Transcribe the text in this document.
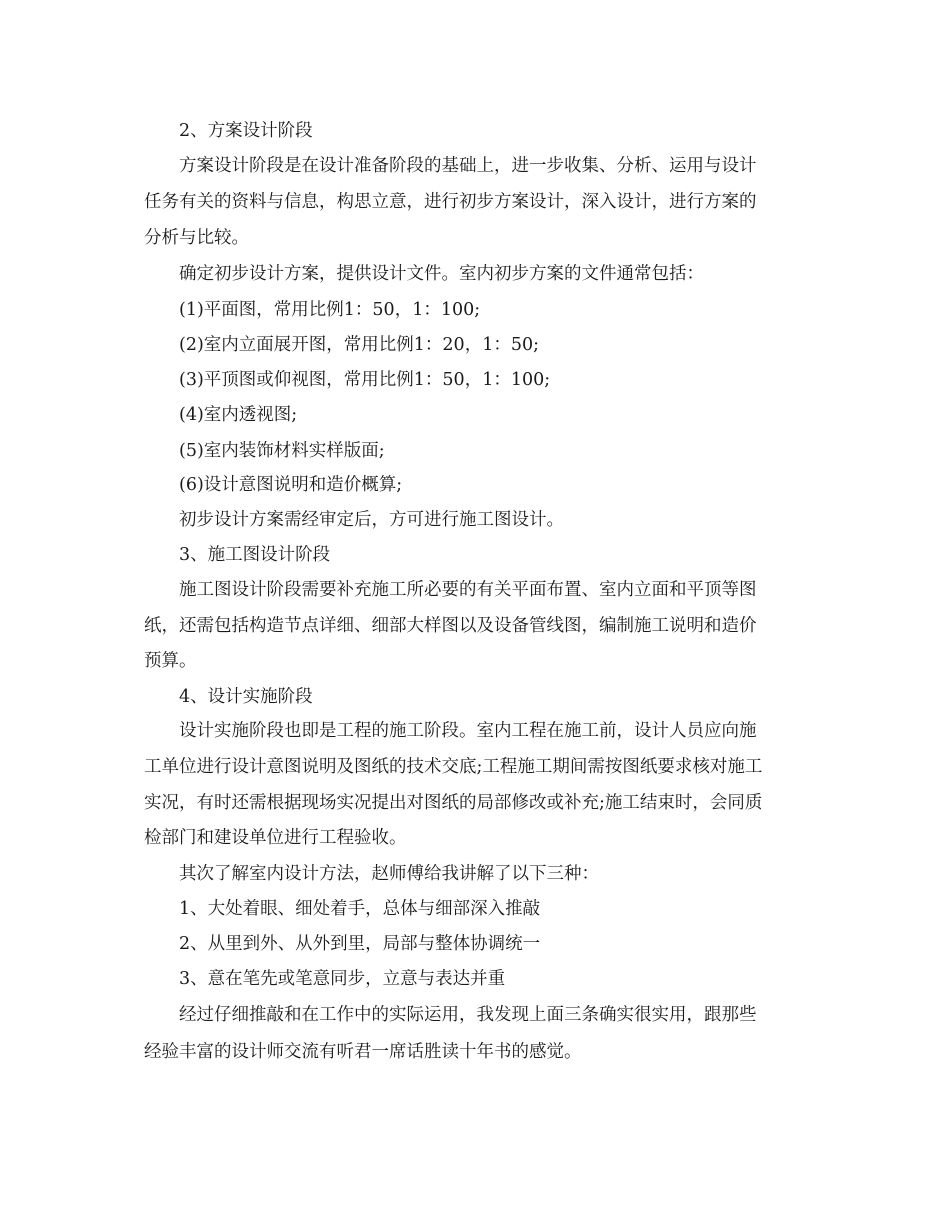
2、方案设计阶段
方案设计阶段是在设计准备阶段的基础上，进一步收集、分析、运用与设计
任务有关的资料与信息，构思立意，进行初步方案设计，深入设计，进行方案的
分析与比较。
确定初步设计方案，提供设计文件。室内初步方案的文件通常包括：
(1)平面图，常用比例1：50，1：100;
(2)室内立面展开图，常用比例1：20，1：50;
(3)平顶图或仰视图，常用比例1：50，1：100;
(4)室内透视图;
(5)室内装饰材料实样版面;
(6)设计意图说明和造价概算;
初步设计方案需经审定后，方可进行施工图设计。
3、施工图设计阶段
施工图设计阶段需要补充施工所必要的有关平面布置、室内立面和平顶等图
纸，还需包括构造节点详细、细部大样图以及设备管线图，编制施工说明和造价
预算。
4、设计实施阶段
设计实施阶段也即是工程的施工阶段。室内工程在施工前，设计人员应向施
工单位进行设计意图说明及图纸的技术交底;工程施工期间需按图纸要求核对施工
实况，有时还需根据现场实况提出对图纸的局部修改或补充;施工结束时，会同质
检部门和建设单位进行工程验收。
其次了解室内设计方法，赵师傅给我讲解了以下三种：
1、大处着眼、细处着手，总体与细部深入推敲
2、从里到外、从外到里，局部与整体协调统一
3、意在笔先或笔意同步，立意与表达并重
经过仔细推敲和在工作中的实际运用，我发现上面三条确实很实用，跟那些
经验丰富的设计师交流有听君一席话胜读十年书的感觉。
